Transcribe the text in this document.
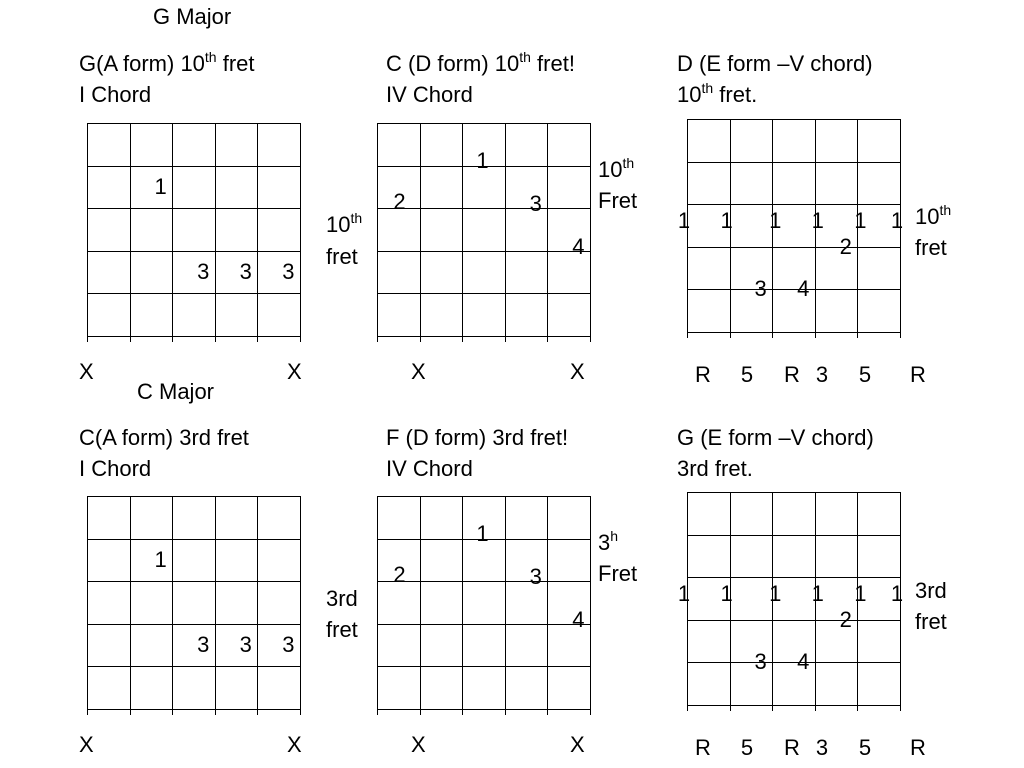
G Major
G(A form) 10th fret
I Chord
1
3 3 3
X	X
C (D form) 10th fret!
IV Chord
10th
fret
10th
Fret
1
2	3
4
X	X
D (E form –V chord)
10th fret.
10th
fret
2
3 4
1 1 1 1 1 1
C Major
C(A form) 3rd fret
I Chord
1
3 3 3
X	X
F (D form) 3rd fret!
IV Chord
3rd
fret
3$^h$
Fret
1
2	3
4
X	X
G (E form –V chord)
3rd fret.
3rd
fret
2
3 4
1 1 1 1 1 1
R 5 R 3 5 R
R 5 R 3 5 R
